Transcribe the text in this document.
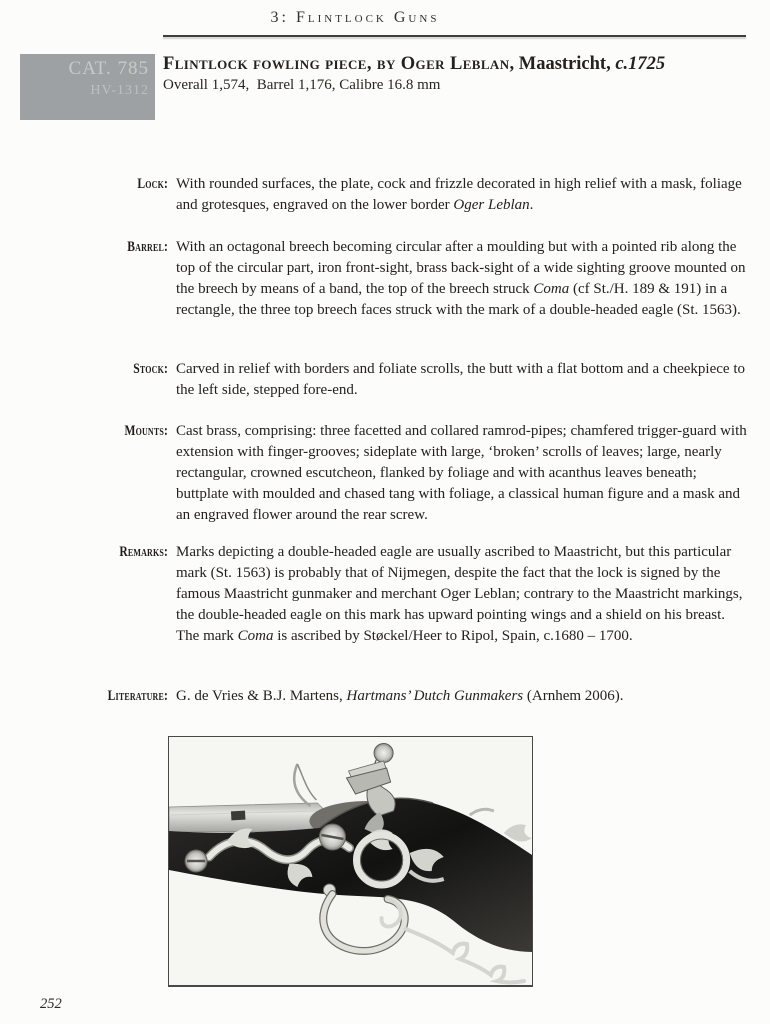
3: Flintlock Guns
CAT. 785
HV-1312
Flintlock fowling piece, by Oger Leblan, Maastricht, c.1725
Overall 1,574,  Barrel 1,176, Calibre 16.8 mm
Lock: With rounded surfaces, the plate, cock and frizzle decorated in high relief with a mask, foliage and grotesques, engraved on the lower border Oger Leblan.

Barrel: With an octagonal breech becoming circular after a moulding but with a pointed rib along the top of the circular part, iron front-sight, brass back-sight of a wide sighting groove mounted on the breech by means of a band, the top of the breech struck Coma (cf St./H. 189 & 191) in a rectangle, the three top breech faces struck with the mark of a double-headed eagle (St. 1563).

Stock: Carved in relief with borders and foliate scrolls, the butt with a flat bottom and a cheekpiece to the left side, stepped fore-end.

Mounts: Cast brass, comprising: three facetted and collared ramrod-pipes; chamfered trigger-guard with extension with finger-grooves; sideplate with large, ‘broken’ scrolls of leaves; large, nearly rectangular, crowned escutcheon, flanked by foliage and with acanthus leaves beneath; buttplate with moulded and chased tang with foliage, a classical human figure and a mask and an engraved flower around the rear screw.

Remarks: Marks depicting a double-headed eagle are usually ascribed to Maastricht, but this particular mark (St. 1563) is probably that of Nijmegen, despite the fact that the lock is signed by the famous Maastricht gunmaker and merchant Oger Leblan; contrary to the Maastricht markings, the double-headed eagle on this mark has upward pointing wings and a shield on his breast.

The mark Coma is ascribed by Støckel/Heer to Ripol, Spain, c.1680 – 1700.

Literature: G. de Vries & B.J. Martens, Hartmans’ Dutch Gunmakers (Arnhem 2006).

252
